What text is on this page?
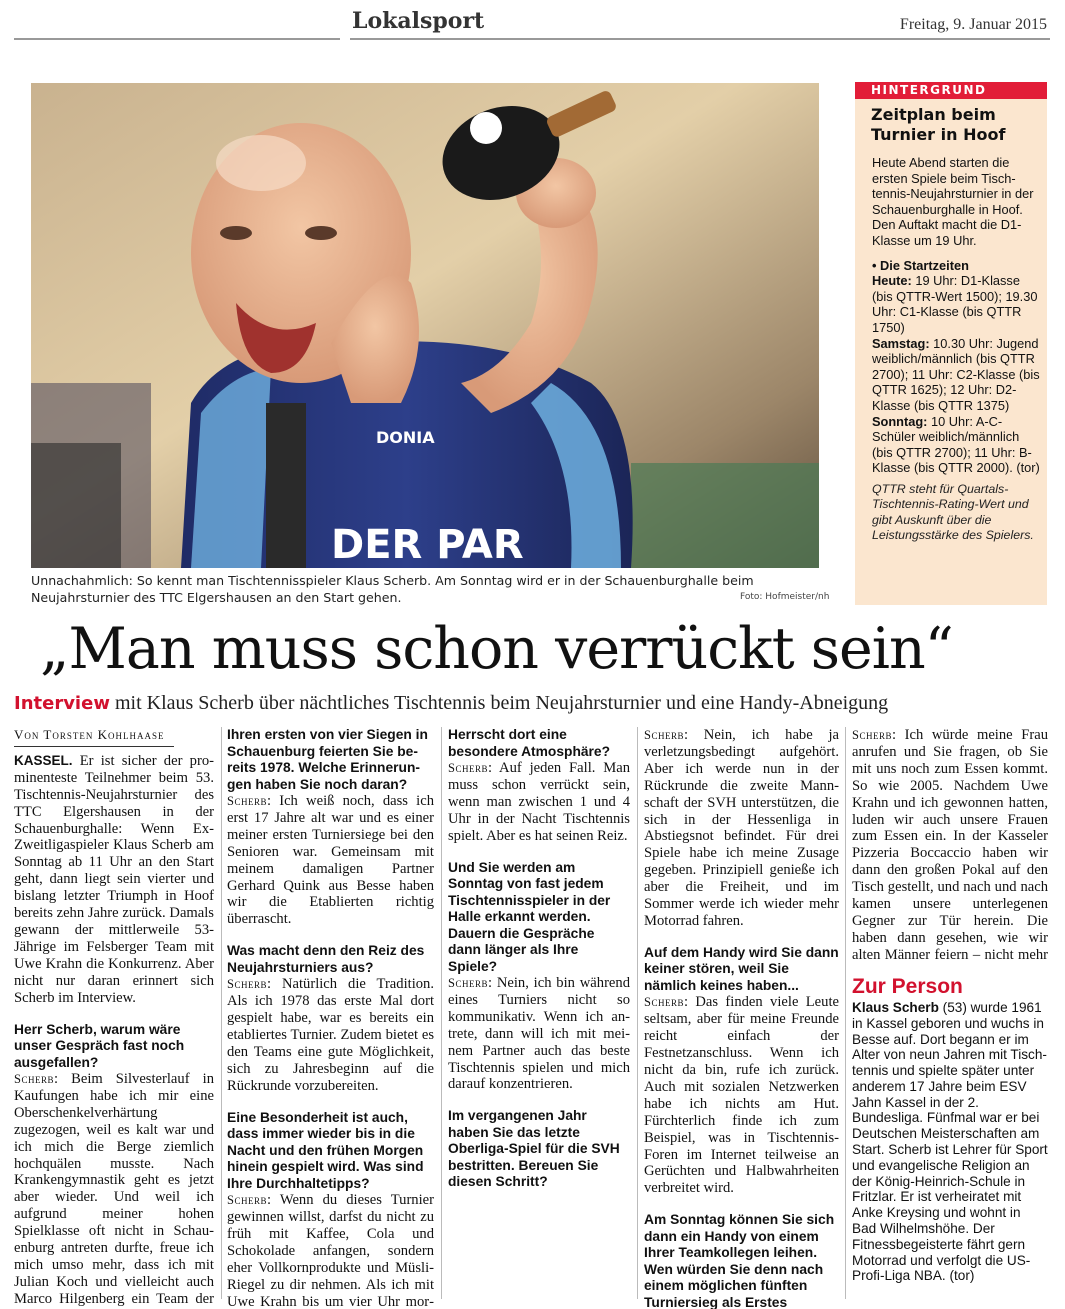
Lokalsport	Freitag, 9. Januar 2015
DER PAR
DONIA
Unnachahmlich: So kennt man Tischtennisspieler Klaus Scherb. Am Sonntag wird er in der Schauenburghalle beim Neujahrsturnier des TTC Elgershausen an den Start gehen.	Foto: Hofmeister/nh
HINTERGRUND
Zeitplan beim Turnier in Hoof

Heute Abend starten die ersten Spiele beim Tischtennis-Neujahrsturnier in der Schauenburghalle in Hoof. Den Auftakt macht die D1-Klasse um 19 Uhr.

• Die Startzeiten
Heute: 19 Uhr: D1-Klasse (bis QTTR-Wert 1500); 19.30 Uhr: C1-Klasse (bis QTTR 1750)
Samstag: 10.30 Uhr: Jugend weiblich/männlich (bis QTTR 2700); 11 Uhr: C2-Klasse (bis QTTR 1625); 12 Uhr: D2-Klasse (bis QTTR 1375)
Sonntag: 10 Uhr: A-C-Schüler weiblich/männlich (bis QTTR 2700); 11 Uhr: B-Klasse (bis QTTR 2000). (tor)
QTTR steht für Quartals-Tischtennis-Rating-Wert und gibt Auskunft über die Leistungsstärke des Spielers.
„Man muss schon verrückt sein“
Interview mit Klaus Scherb über nächtliches Tischtennis beim Neujahrsturnier und eine Handy-Abneigung
Von Torsten Kohlhaase

KASSEL. Er ist sicher der prominenteste Teilnehmer beim 53. Tischtennis-Neujahrsturnier des TTC Elgershausen in der Schauenburghalle: Wenn Ex-Zweitligaspieler Klaus Scherb am Sonntag ab 11 Uhr an den Start geht, dann liegt sein vierter und bislang letzter Triumph in Hoof bereits zehn Jahre zurück. Damals gewann der mittlerweile 53-Jährige im Felsberger Team mit Uwe Krahn die Konkurrenz. Aber nicht nur daran erinnert sich Scherb im Interview.

Herr Scherb, warum wäre unser Gespräch fast noch ausgefallen?

Scherb: Beim Silvesterlauf in Kaufungen habe ich mir eine Oberschenkelverhärtung zugezogen, weil es kalt war und ich mich die Berge ziemlich hochquälen musste. Nach Krankengymnastik geht es jetzt aber wieder. Und weil ich aufgrund meiner hohen Spielklasse oft nicht in Schauenburg antreten durfte, freue ich mich umso mehr, dass ich mit Julian Koch und vielleicht auch Marco Hilgenberg ein Team der

Ihren ersten von vier Siegen in Schauenburg feierten Sie bereits 1978. Welche Erinnerungen haben Sie noch daran?

Scherb: Ich weiß noch, dass ich erst 17 Jahre alt war und es einer meiner ersten Turniersiege bei den Senioren war. Gemeinsam mit meinem damaligen Partner Gerhard Quink aus Besse haben wir die Etablierten richtig überrascht.

Was macht denn den Reiz des Neujahrsturniers aus?

Scherb: Natürlich die Tradition. Als ich 1978 das erste Mal dort gespielt habe, war es bereits ein etabliertes Turnier. Zudem bietet es den Teams eine gute Möglichkeit, sich zu Jahresbeginn auf die Rückrunde vorzubereiten.

Eine Besonderheit ist auch, dass immer wieder bis in die Nacht und den frühen Morgen hinein gespielt wird. Was sind Ihre Durchhaltetipps?

Scherb: Wenn du dieses Turnier gewinnen willst, darfst du nicht zu früh mit Kaffee, Cola und Schokolade anfangen, sondern eher Vollkornprodukte und Müsli-Riegel zu dir nehmen. Als ich mit Uwe Krahn bis um vier Uhr mor

Herrscht dort eine besondere Atmosphäre?

Scherb: Auf jeden Fall. Man muss schon verrückt sein, wenn man zwischen 1 und 4 Uhr in der Nacht Tischtennis spielt. Aber es hat seinen Reiz.

Und Sie werden am Sonntag von fast jedem Tischtennisspieler in der Halle erkannt werden. Dauern die Gespräche dann länger als Ihre Spiele?

Scherb: Nein, ich bin während eines Turniers nicht so kommunikativ. Wenn ich antrete, dann will ich mit meinem Partner auch das beste Tischtennis spielen und mich darauf konzentrieren.

Im vergangenen Jahr haben Sie das letzte Oberliga-Spiel für die SVH bestritten. Bereuen Sie diesen Schritt?

Scherb: Nein, ich habe ja verletzungsbedingt aufgehört. Aber ich werde nun in der Rückrunde die zweite Mannschaft der SVH unterstützen, die sich in der Hessenliga in Abstiegsnot befindet. Für drei Spiele habe ich meine Zusage gegeben. Prinzipiell genieße ich aber die Freiheit, und im Sommer werde ich wieder mehr Motorrad fahren.

Auf dem Handy wird Sie dann keiner stören, weil Sie nämlich keines haben...

Scherb: Das finden viele Leute seltsam, aber für meine Freunde reicht einfach der Festnetzanschluss. Wenn ich nicht da bin, rufe ich zurück. Auch mit sozialen Netzwerken habe ich nichts am Hut. Fürchterlich finde ich zum Beispiel, was in Tischtennis-Foren im Internet teilweise an Gerüchten und Halbwahrheiten verbreitet wird.

Am Sonntag können Sie sich dann ein Handy von einem Ihrer Teamkollegen leihen. Wen würden Sie denn nach einem möglichen fünften Turniersieg als Erstes

Scherb: Ich würde meine Frau anrufen und Sie fragen, ob Sie mit uns noch zum Essen kommt. So wie 2005. Nachdem Uwe Krahn und ich gewonnen hatten, luden wir auch unsere Frauen zum Essen ein. In der Kasseler Pizzeria Boccaccio haben wir dann den großen Pokal auf den Tisch gestellt, und nach und nach kamen unsere unterlegenen Gegner zur Tür herein. Die haben dann gesehen, wie wir alten Männer feiern – nicht mehr

Zur Person

Klaus Scherb (53) wurde 1961 in Kassel geboren und wuchs in Besse auf. Dort begann er im Alter von neun Jahren mit Tischtennis und spielte später unter anderem 17 Jahre beim ESV Jahn Kassel in der 2. Bundesliga. Fünfmal war er bei Deutschen Meisterschaften am Start. Scherb ist Lehrer für Sport und evangelische Religion an der König-Heinrich-Schule in Fritzlar. Er ist verheiratet mit Anke Kreysing und wohnt in Bad Wilhelmshöhe. Der Fitnessbegeisterte fährt gern Motorrad und verfolgt die US-Profi-Liga NBA. (tor)
